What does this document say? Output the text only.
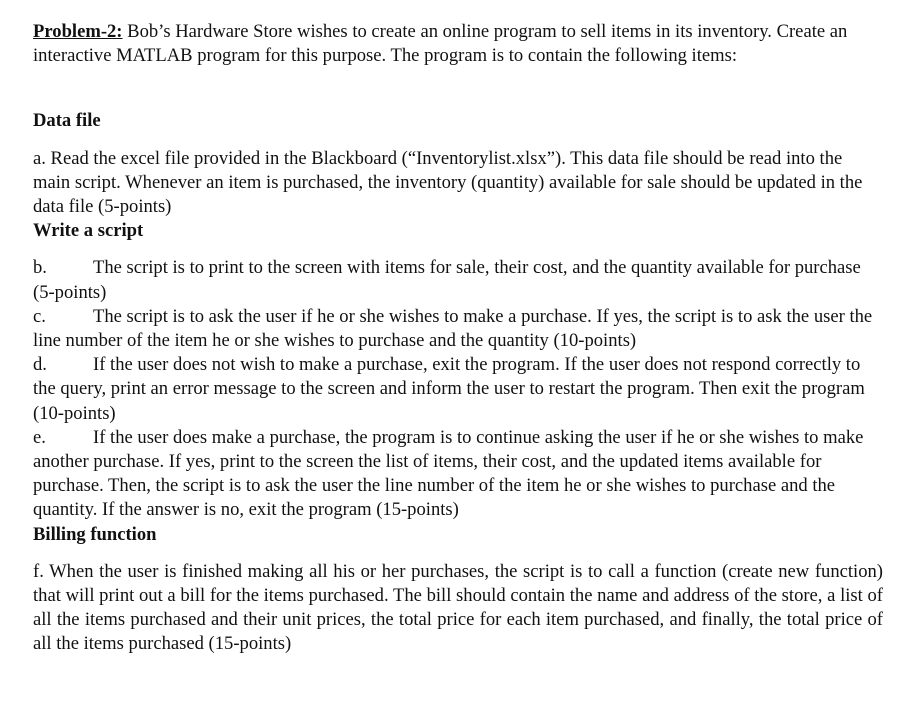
Problem-2: Bob’s Hardware Store wishes to create an online program to sell items in its inventory. Create an interactive MATLAB program for this purpose. The program is to contain the following items:

Data file

a. Read the excel file provided in the Blackboard (“Inventorylist.xlsx”). This data file should be read into the main script. Whenever an item is purchased, the inventory (quantity) available for sale should be updated in the data file (5-points)

Write a script

b. The script is to print to the screen with items for sale, their cost, and the quantity available for purchase (5-points)

c.	The script is to ask the user if he or she wishes to make a purchase. If yes, the script is to ask the user the line number of the item he or she wishes to purchase and the quantity (10-points)

d. If the user does not wish to make a purchase, exit the program. If the user does not respond correctly to the query, print an error message to the screen and inform the user to restart the program. Then exit the program (10-points)

e.	If the user does make a purchase, the program is to continue asking the user if he or she wishes to make another purchase. If yes, print to the screen the list of items, their cost, and the updated items available for purchase. Then, the script is to ask the user the line number of the item he or she wishes to purchase and the quantity. If the answer is no, exit the program (15-points)

Billing function

f. When the user is finished making all his or her purchases, the script is to call a function (create new function) that will print out a bill for the items purchased. The bill should contain the name and address of the store, a list of all the items purchased and their unit prices, the total price for each item purchased, and finally, the total price of all the items purchased (15-points)
